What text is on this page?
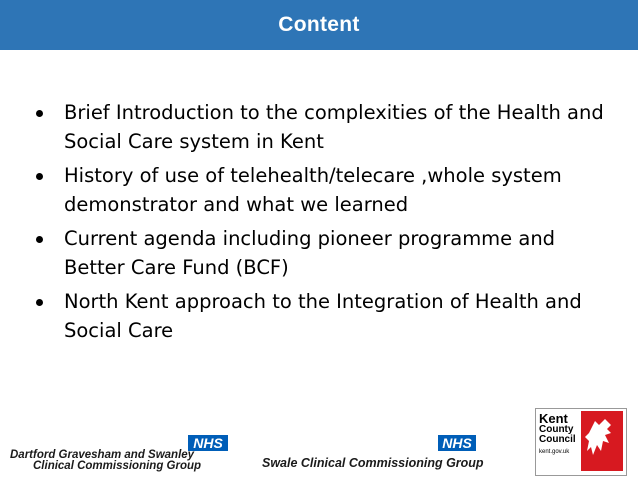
Content
Brief Introduction to the complexities of the Health and Social Care system in Kent
History of use of telehealth/telecare ,whole system demonstrator and what we learned
Current agenda including pioneer programme and Better Care Fund (BCF)
North Kent approach to the Integration of Health and Social Care
NHS
Dartford Gravesham and Swanley
Clinical Commissioning Group
NHS
Swale Clinical Commissioning Group
Kent
County
Council
kent.gov.uk
